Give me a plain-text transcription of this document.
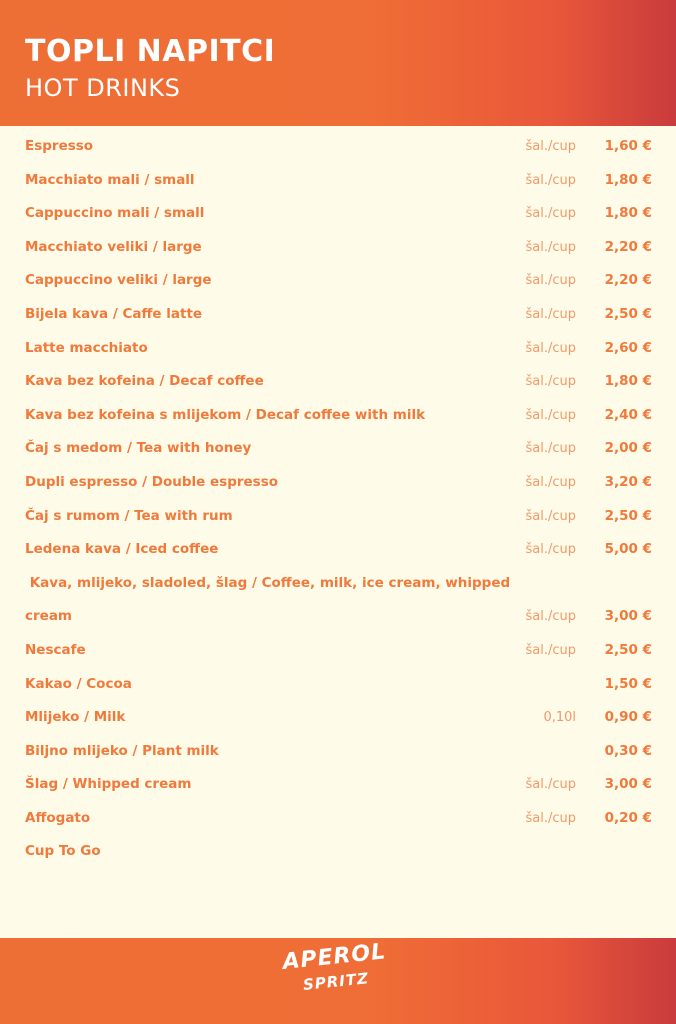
TOPLI NAPITCI
HOT DRINKS
Espresso	šal./cup 1,60 €
Macchiato mali / small	šal./cup 1,80 €
Cappuccino mali / small	šal./cup 1,80 €
Macchiato veliki / large	šal./cup 2,20 €
Cappuccino veliki / large	šal./cup 2,20 €
Bijela kava / Caffe latte	šal./cup 2,50 €
Latte macchiato	šal./cup 2,60 €
Kava bez kofeina / Decaf coffee	šal./cup 1,80 €
Kava bez kofeina s mlijekom / Decaf coffee with milk	šal./cup 2,40 €
Čaj s medom / Tea with honey	šal./cup 2,00 €
Dupli espresso / Double espresso	šal./cup 3,20 €
Čaj s rumom / Tea with rum	šal./cup 2,50 €
Ledena kava / Iced coffee	šal./cup 5,00 €
Kava, mlijeko, sladoled, šlag / Coffee, milk, ice cream, whipped
cream	šal./cup 3,00 €
Nescafe	šal./cup 2,50 €
Kakao / Cocoa	1,50 €
Mlijeko / Milk	0,10l 0,90 €
Biljno mlijeko / Plant milk	0,30 €
Šlag / Whipped cream	šal./cup 3,00 €
Affogato	šal./cup 0,20 €
Cup To Go
APEROL
SPRITZ
